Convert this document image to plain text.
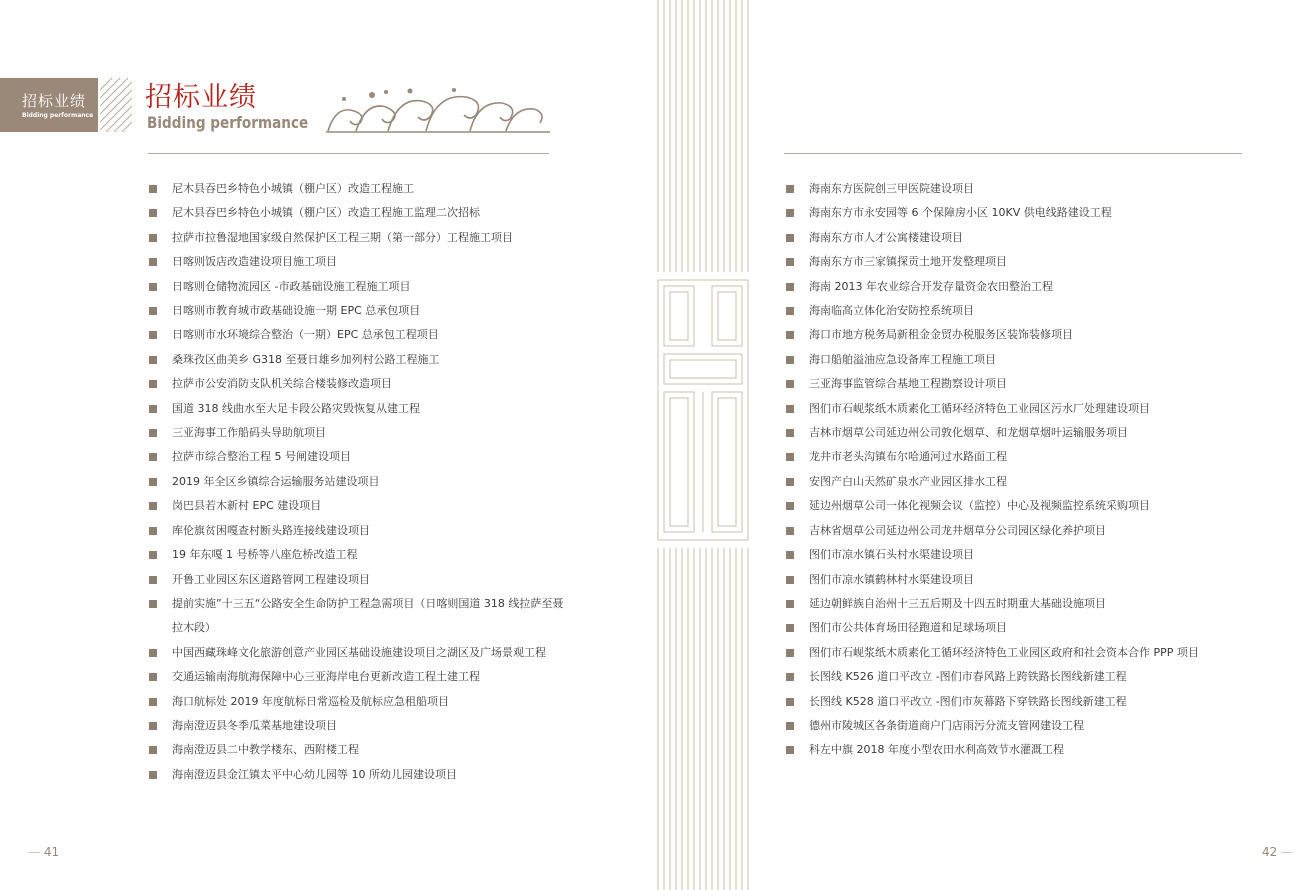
招标业绩
Bidding performance
招标业绩
Bidding performance
尼木县吞巴乡特色小城镇（棚户区）改造工程施工
尼木县吞巴乡特色小城镇（棚户区）改造工程施工监理二次招标
拉萨市拉鲁湿地国家级自然保护区工程三期（第一部分）工程施工项目
日喀则饭店改造建设项目施工项目
日喀则仓储物流园区 -市政基础设施工程施工项目
日喀则市教育城市政基础设施一期 EPC 总承包项目
日喀则市水环境综合整治（一期）EPC 总承包工程项目
桑珠孜区曲美乡 G318 至聂日雄乡加列村公路工程施工
拉萨市公安消防支队机关综合楼装修改造项目
国道 318 线曲水至大足卡段公路灾毁恢复从建工程
三亚海事工作船码头导助航项目
拉萨市综合整治工程 5 号闸建设项目
2019 年全区乡镇综合运输服务站建设项目
岗巴县若木新村 EPC 建设项目
库伦旗贫困嘎查村断头路连接线建设项目
19 年东嘎 1 号桥等八座危桥改造工程
开鲁工业园区东区道路管网工程建设项目
提前实施”十三五“公路安全生命防护工程急需项目（日喀则国道 318 线拉萨至聂拉木段）
中国西藏珠峰文化旅游创意产业园区基础设施建设项目之湖区及广场景观工程
交通运输南海航海保障中心三亚海岸电台更新改造工程土建工程
海口航标处 2019 年度航标日常巡检及航标应急租船项目
海南澄迈县冬季瓜菜基地建设项目
海南澄迈县二中教学楼东、西附楼工程
海南澄迈县金江镇太平中心幼儿园等 10 所幼儿园建设项目
海南东方医院创三甲医院建设项目
海南东方市永安园等 6 个保障房小区 10KV 供电线路建设工程
海南东方市人才公寓楼建设项目
海南东方市三家镇探贡土地开发整理项目
海南 2013 年农业综合开发存量资金农田整治工程
海南临高立体化治安防控系统项目
海口市地方税务局新租金金贸办税服务区装饰装修项目
海口船舶溢油应急设备库工程施工项目
三亚海事监管综合基地工程勘察设计项目
图们市石岘浆纸木质素化工循环经济特色工业园区污水厂处理建设项目
吉林市烟草公司延边州公司敦化烟草、和龙烟草烟叶运输服务项目
龙井市老头沟镇布尔哈通河过水路面工程
安图产白山天然矿泉水产业园区排水工程
延边州烟草公司一体化视频会议（监控）中心及视频监控系统采购项目
吉林省烟草公司延边州公司龙井烟草分公司园区绿化养护项目
图们市凉水镇石头村水渠建设项目
图们市凉水镇鹤林村水渠建设项目
延边朝鲜族自治州十三五后期及十四五时期重大基础设施项目
图们市公共体育场田径跑道和足球场项目
图们市石岘浆纸木质素化工循环经济特色工业园区政府和社会资本合作 PPP 项目
长图线 K526 道口平改立 -图们市春风路上跨铁路长图线新建工程
长图线 K528 道口平改立 -图们市灰幕路下穿铁路长图线新建工程
德州市陵城区各条街道商户门店雨污分流支管网建设工程
科左中旗 2018 年度小型农田水利高效节水灌溉工程
— 41	42 —
